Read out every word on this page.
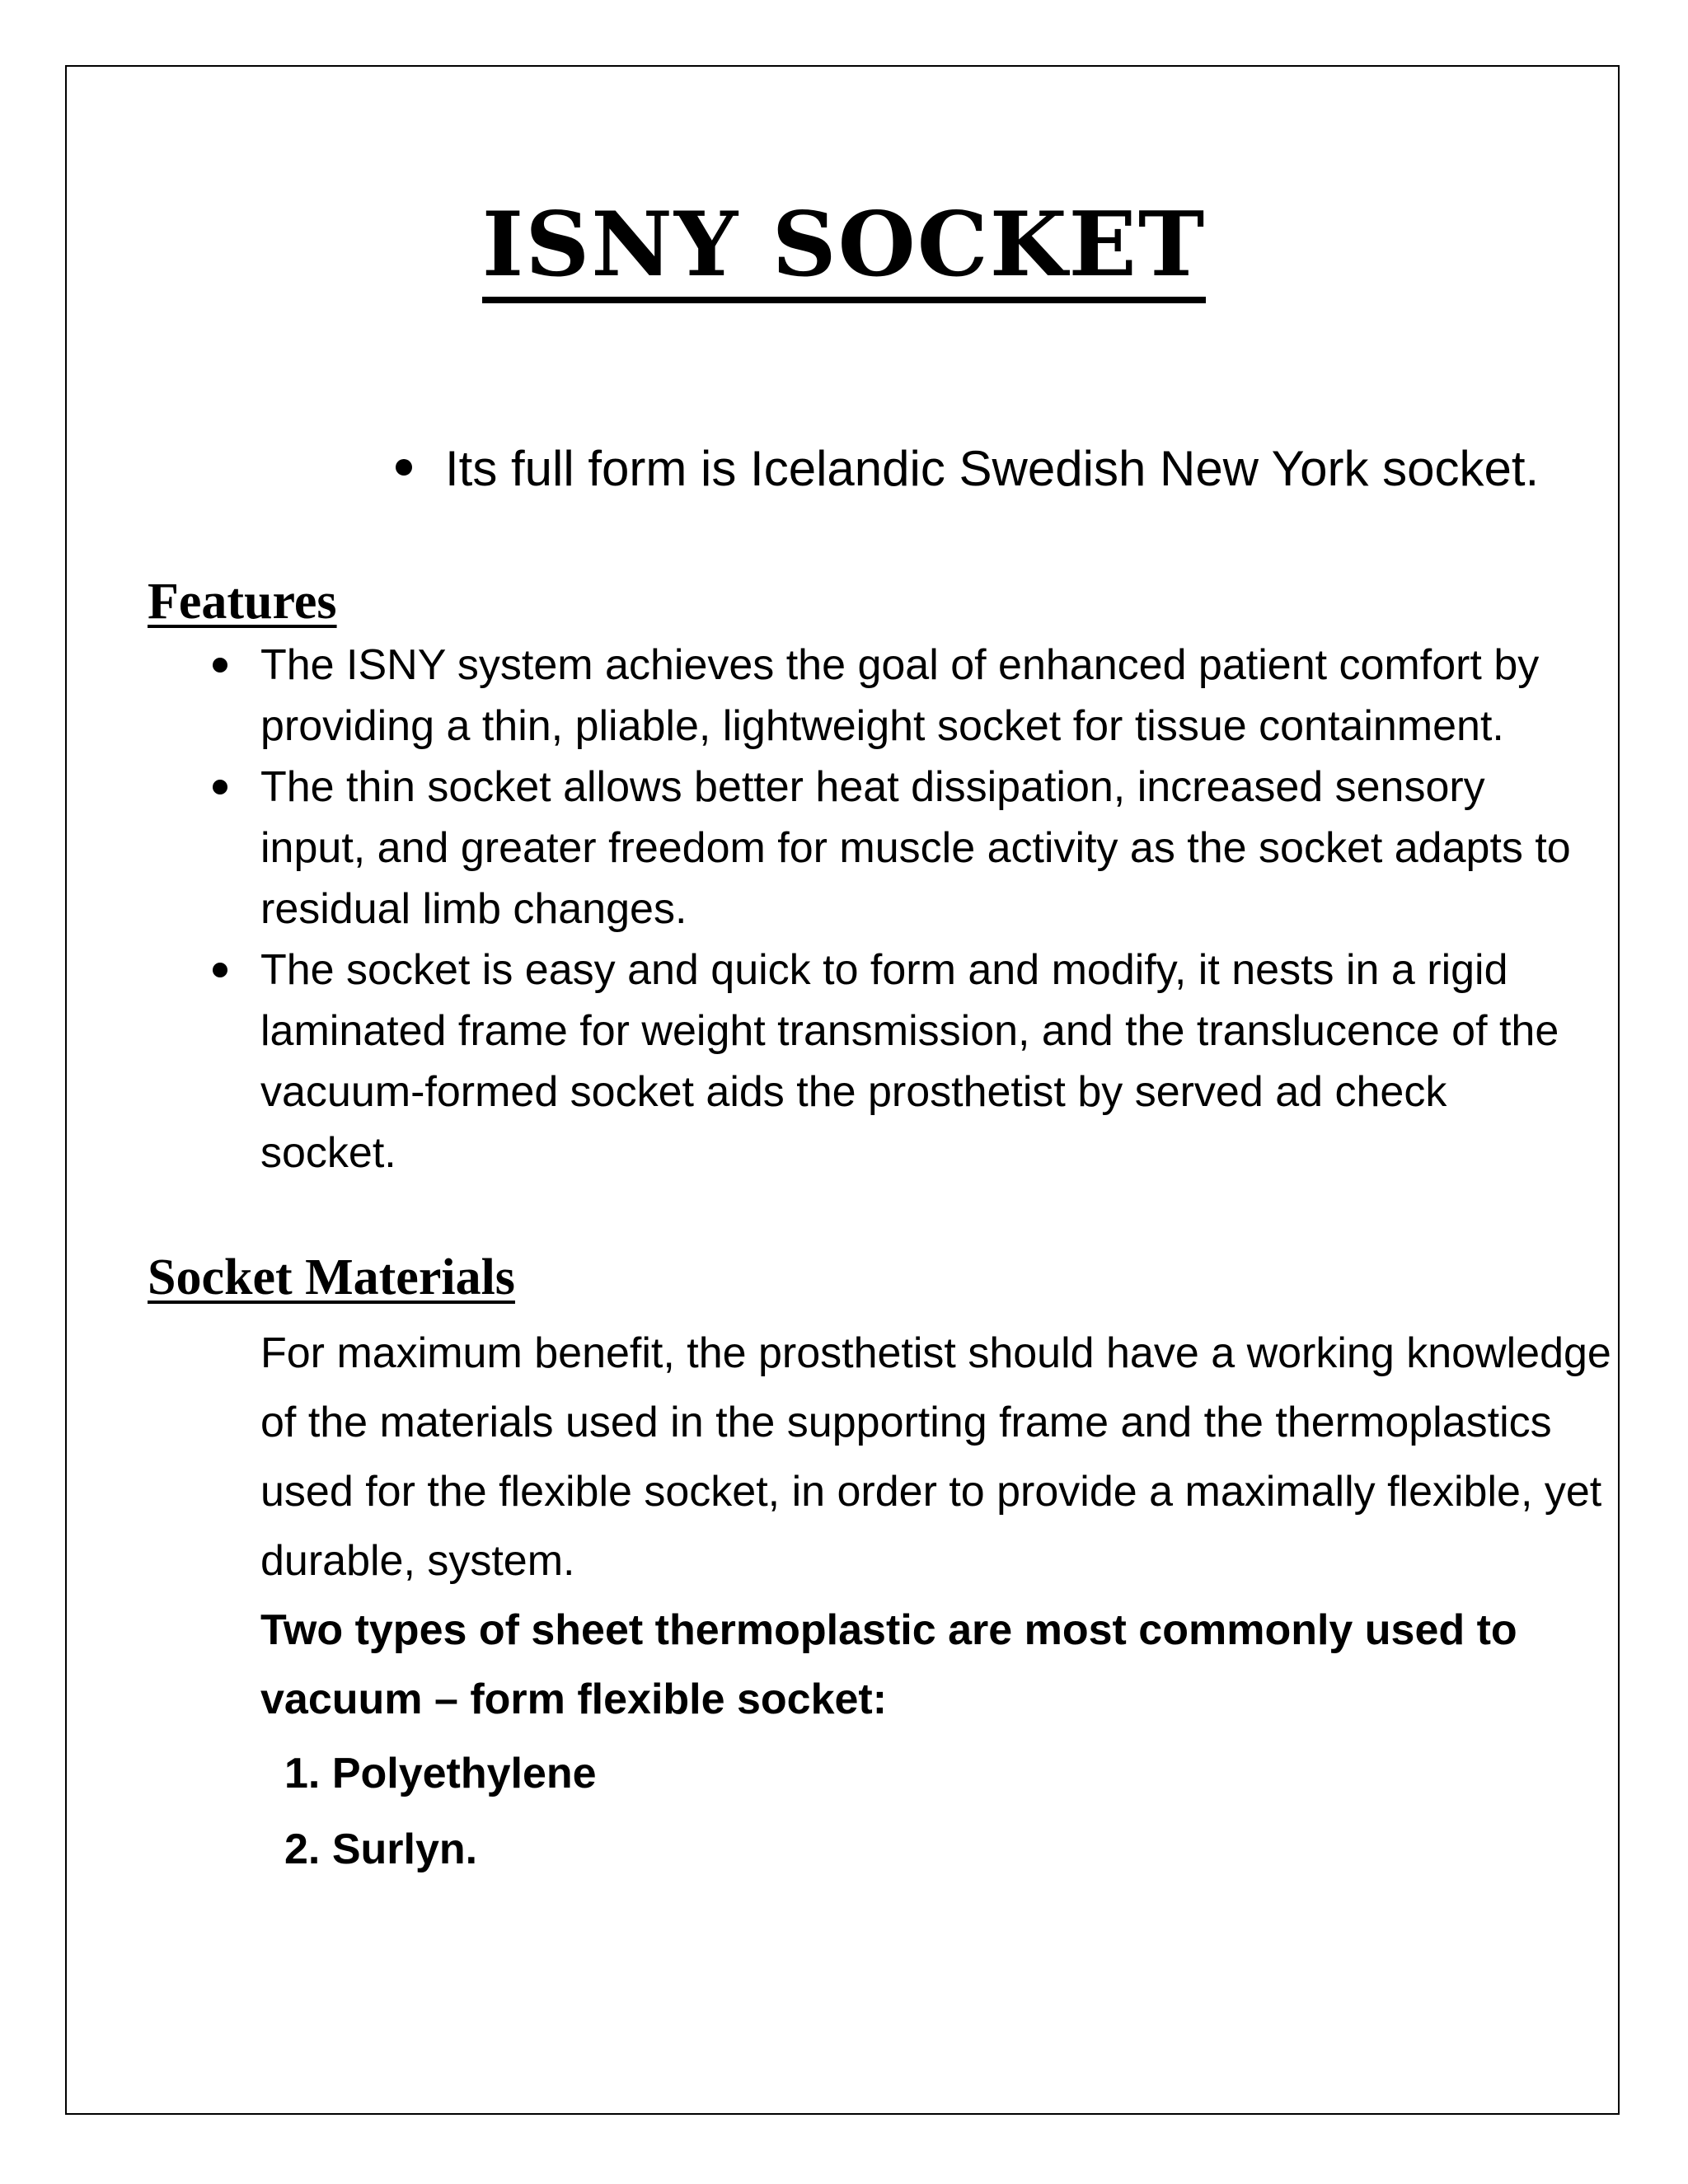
ISNY SOCKET
Its full form is Icelandic Swedish New York socket.
Features
The ISNY system achieves the goal of enhanced patient comfort by providing a thin, pliable, lightweight socket for tissue containment.
The thin socket allows better heat dissipation, increased sensory input, and greater freedom for muscle activity as the socket adapts to residual limb changes.
The socket is easy and quick to form and modify, it nests in a rigid laminated frame for weight transmission, and the translucence of the vacuum-formed socket aids the prosthetist by served ad check socket.
Socket Materials

For maximum benefit, the prosthetist should have a working knowledge of the materials used in the supporting frame and the thermoplastics used for the flexible socket, in order to provide a maximally flexible, yet durable, system.

Two types of sheet thermoplastic are most commonly used to vacuum – form flexible socket:

1. Polyethylene
2. Surlyn.
